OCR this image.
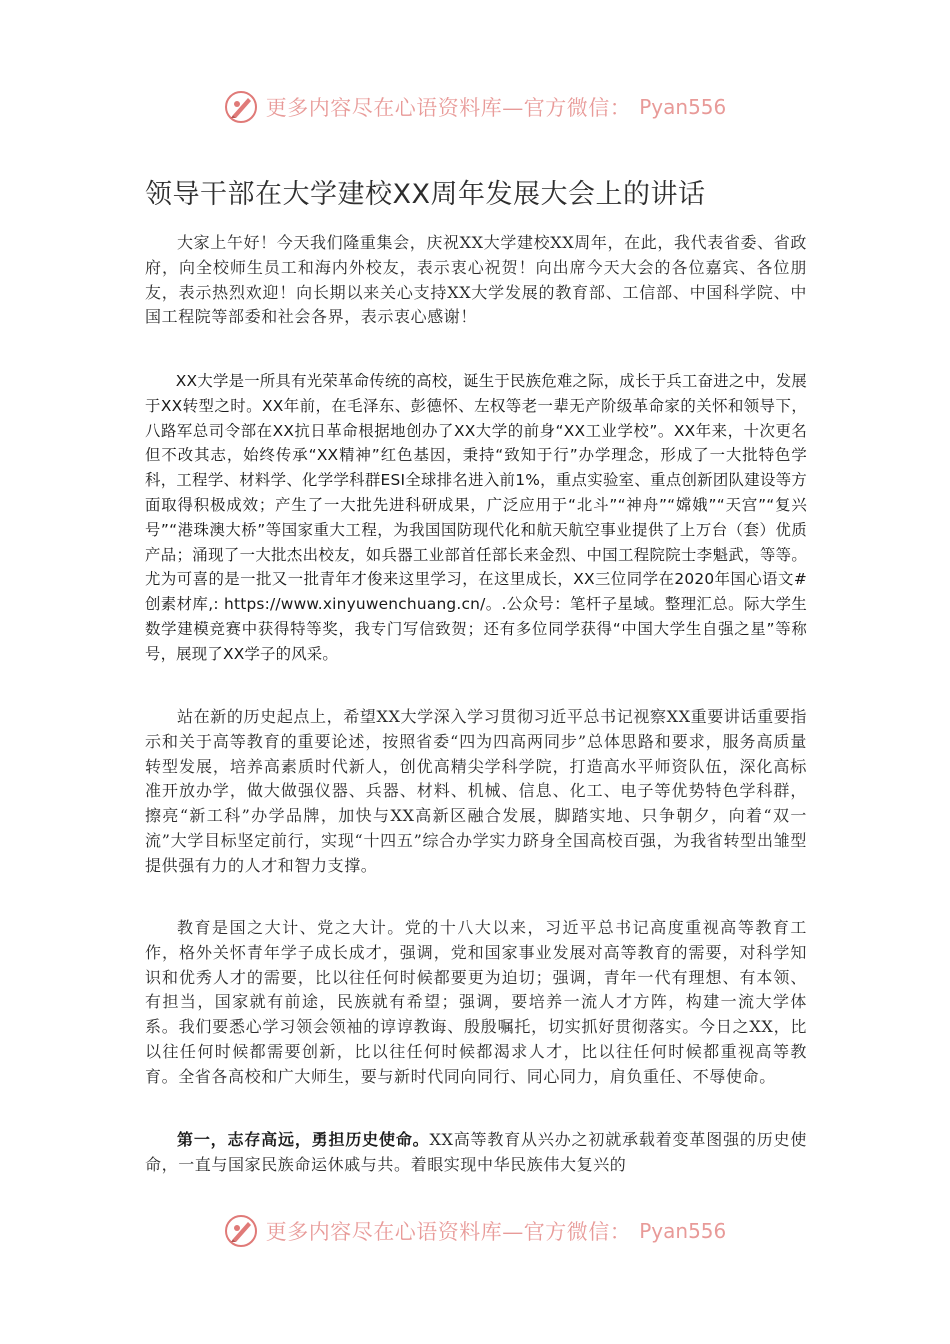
更多内容尽在心语资料库—官方微信： Pyan556
领导干部在大学建校XX周年发展大会上的讲话

大家上午好！今天我们隆重集会，庆祝XX大学建校XX周年，在此，我代表省委、省政府，向全校师生员工和海内外校友，表示衷心祝贺！向出席今天大会的各位嘉宾、各位朋友，表示热烈欢迎！向长期以来关心支持XX大学发展的教育部、工信部、中国科学院、中国工程院等部委和社会各界，表示衷心感谢！

XX大学是一所具有光荣革命传统的高校，诞生于民族危难之际，成长于兵工奋进之中，发展于XX转型之时。XX年前，在毛泽东、彭德怀、左权等老一辈无产阶级革命家的关怀和领导下，八路军总司令部在XX抗日革命根据地创办了XX大学的前身“XX工业学校”。XX年来，十次更名但不改其志，始终传承“XX精神”红色基因，秉持“致知于行”办学理念，形成了一大批特色学科，工程学、材料学、化学学科群ESI全球排名进入前1%，重点实验室、重点创新团队建设等方面取得积极成效；产生了一大批先进科研成果，广泛应用于“北斗”“神舟”“嫦娥”“天宫”“复兴号”“港珠澳大桥”等国家重大工程，为我国国防现代化和航天航空事业提供了上万台（套）优质产品；涌现了一大批杰出校友，如兵器工业部首任部长来金烈、中国工程院院士李魁武，等等。尤为可喜的是一批又一批青年才俊来这里学习，在这里成长，XX三位同学在2020年国心语文#创素材库,: https://www.xinyuwenchuang.cn/。.公众号：笔杆子星域。整理汇总。际大学生数学建模竞赛中获得特等奖，我专门写信致贺；还有多位同学获得“中国大学生自强之星”等称号，展现了XX学子的风采。

站在新的历史起点上，希望XX大学深入学习贯彻习近平总书记视察XX重要讲话重要指示和关于高等教育的重要论述，按照省委“四为四高两同步”总体思路和要求，服务高质量转型发展，培养高素质时代新人，创优高精尖学科学院，打造高水平师资队伍，深化高标准开放办学，做大做强仪器、兵器、材料、机械、信息、化工、电子等优势特色学科群，擦亮“新工科”办学品牌，加快与XX高新区融合发展，脚踏实地、只争朝夕，向着“双一流”大学目标坚定前行，实现“十四五”综合办学实力跻身全国高校百强，为我省转型出雏型提供强有力的人才和智力支撑。

教育是国之大计、党之大计。党的十八大以来，习近平总书记高度重视高等教育工作，格外关怀青年学子成长成才，强调，党和国家事业发展对高等教育的需要，对科学知识和优秀人才的需要，比以往任何时候都要更为迫切；强调，青年一代有理想、有本领、有担当，国家就有前途，民族就有希望；强调，要培养一流人才方阵，构建一流大学体系。我们要悉心学习领会领袖的谆谆教诲、殷殷嘱托，切实抓好贯彻落实。今日之XX，比以往任何时候都需要创新，比以往任何时候都渴求人才，比以往任何时候都重视高等教育。全省各高校和广大师生，要与新时代同向同行、同心同力，肩负重任、不辱使命。

第一，志存高远，勇担历史使命。XX高等教育从兴办之初就承载着变革图强的历史使命，一直与国家民族命运休戚与共。着眼实现中华民族伟大复兴的

更多内容尽在心语资料库—官方微信： Pyan556
